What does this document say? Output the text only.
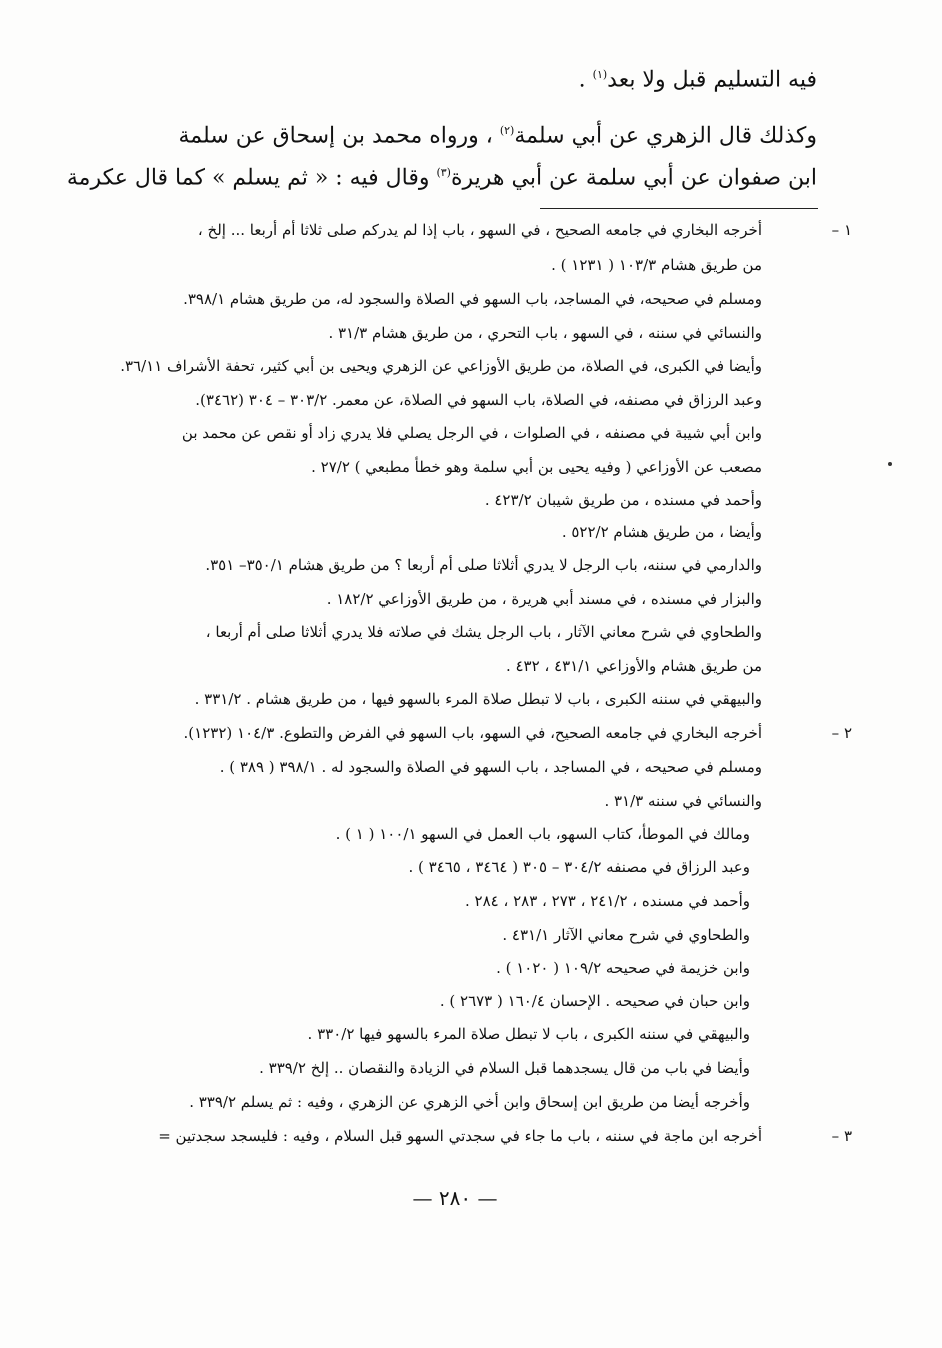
فيه التسليم قبل ولا بعد$^{(١)}$ .
وكذلك قال الزهري عن أبي سلمة$^{(٢)}$ ، ورواه محمد بن إسحاق عن سلمة
ابن صفوان عن أبي سلمة عن أبي هريرة$^{(٣)}$ وقال فيه : « ثم يسلم » كما قال عكرمة
١ –
٢ –
٣ –
أخرجه البخاري في جامعه الصحيح ، في السهو ، باب إذا لم يدركم صلى ثلاثا أم أربعا ... إلخ ،
من طريق هشام ١٠٣/٣ ( ١٢٣١ ) .
ومسلم في صحيحه، في المساجد، باب السهو في الصلاة والسجود له، من طريق هشام ٣٩٨/١.
والنسائي في سننه ، في السهو ، باب التحري ، من طريق هشام ٣١/٣ .
وأيضا في الكبرى، في الصلاة، من طريق الأوزاعي عن الزهري ويحيى بن أبي كثير، تحفة الأشراف ٣٦/١١.
وعبد الرزاق في مصنفه، في الصلاة، باب السهو في الصلاة، عن معمر. ٣٠٣/٢ – ٣٠٤ (٣٤٦٢).
وابن أبي شيبة في مصنفه ، في الصلوات ، في الرجل يصلي فلا يدري زاد أو نقص عن محمد بن
مصعب عن الأوزاعي ( وفيه يحيى بن أبي سلمة وهو خطأ مطبعي ) ٢٧/٢ .
وأحمد في مسنده ، من طريق شيبان ٤٢٣/٢ .
وأيضا ، من طريق هشام ٥٢٢/٢ .
والدارمي في سننه، باب الرجل لا يدري أثلاثا صلى أم أربعا ؟ من طريق هشام ٣٥٠/١– ٣٥١.
والبزار في مسنده ، في مسند أبي هريرة ، من طريق الأوزاعي ١٨٢/٢ .
والطحاوي في شرح معاني الآثار ، باب الرجل يشك في صلاته فلا يدري أثلاثا صلى أم أربعا ،
من طريق هشام والأوزاعي ٤٣١/١ ، ٤٣٢ .
والبيهقي في سننه الكبرى ، باب لا تبطل صلاة المرء بالسهو فيها ، من طريق هشام . ٣٣١/٢ .
أخرجه البخاري في جامعه الصحيح، في السهو، باب السهو في الفرض والتطوع. ١٠٤/٣ (١٢٣٢).
ومسلم في صحيحه ، في المساجد ، باب السهو في الصلاة والسجود له . ٣٩٨/١ ( ٣٨٩ ) .
والنسائي في سننه ٣١/٣ .
ومالك في الموطأ، كتاب السهو، باب العمل في السهو ١٠٠/١ ( ١ ) .
وعبد الرزاق في مصنفه ٣٠٤/٢ – ٣٠٥ ( ٣٤٦٤ ، ٣٤٦٥ ) .
وأحمد في مسنده ، ٢٤١/٢ ، ٢٧٣ ، ٢٨٣ ، ٢٨٤ .
والطحاوي في شرح معاني الآثار ٤٣١/١ .
وابن خزيمة في صحيحه ١٠٩/٢ ( ١٠٢٠ ) .
وابن حبان في صحيحه . الإحسان ١٦٠/٤ ( ٢٦٧٣ ) .
والبيهقي في سننه الكبرى ، باب لا تبطل صلاة المرء بالسهو فيها ٣٣٠/٢ .
وأيضا في باب من قال يسجدهما قبل السلام في الزيادة والنقصان .. إلخ ٣٣٩/٢ .
وأخرجه أيضا من طريق ابن إسحاق وابن أخي الزهري عن الزهري ، وفيه : ثم يسلم ٣٣٩/٢ .
أخرجه ابن ماجة في سننه ، باب ما جاء في سجدتي السهو قبل السلام ، وفيه : فليسجد سجدتين =
— ٢٨٠ —
